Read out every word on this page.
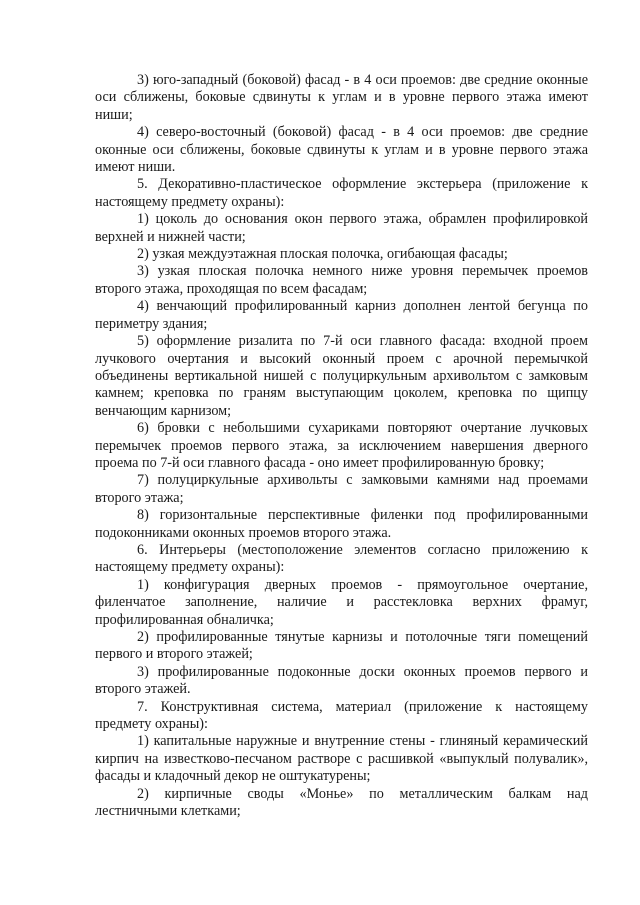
3) юго-западный (боковой) фасад - в 4 оси проемов: две средние оконные оси сближены, боковые сдвинуты к углам и в уровне первого этажа имеют ниши;

4) северо-восточный (боковой) фасад - в 4 оси проемов: две средние оконные оси сближены, боковые сдвинуты к углам и в уровне первого этажа имеют ниши.

5. Декоративно-пластическое оформление экстерьера (приложение к настоящему предмету охраны):

1) цоколь до основания окон первого этажа, обрамлен профилировкой верхней и нижней части;

2) узкая междуэтажная плоская полочка, огибающая фасады;

3) узкая плоская полочка немного ниже уровня перемычек проемов второго этажа, проходящая по всем фасадам;

4) венчающий профилированный карниз дополнен лентой бегунца по периметру здания;

5) оформление ризалита по 7-й оси главного фасада: входной проем лучкового очертания и высокий оконный проем с арочной перемычкой объединены вертикальной нишей с полуциркульным архивольтом с замковым камнем; креповка по граням выступающим цоколем, креповка по щипцу венчающим карнизом;

6) бровки с небольшими сухариками повторяют очертание лучковых перемычек проемов первого этажа, за исключением навершения дверного проема по 7-й оси главного фасада - оно имеет профилированную бровку;

7) полуциркульные архивольты с замковыми камнями над проемами второго этажа;

8) горизонтальные перспективные филенки под профилированными подоконниками оконных проемов второго этажа.

6. Интерьеры (местоположение элементов согласно приложению к настоящему предмету охраны):

1) конфигурация дверных проемов - прямоугольное очертание, филенчатое заполнение, наличие и расстекловка верхних фрамуг, профилированная обналичка;

2) профилированные тянутые карнизы и потолочные тяги помещений первого и второго этажей;

3) профилированные подоконные доски оконных проемов первого и второго этажей.

7. Конструктивная система, материал (приложение к настоящему предмету охраны):

1) капитальные наружные и внутренние стены - глиняный керамический кирпич на известково-песчаном растворе с расшивкой «выпуклый полувалик», фасады и кладочный декор не оштукатурены;

2) кирпичные своды «Монье» по металлическим балкам над лестничными клетками;
